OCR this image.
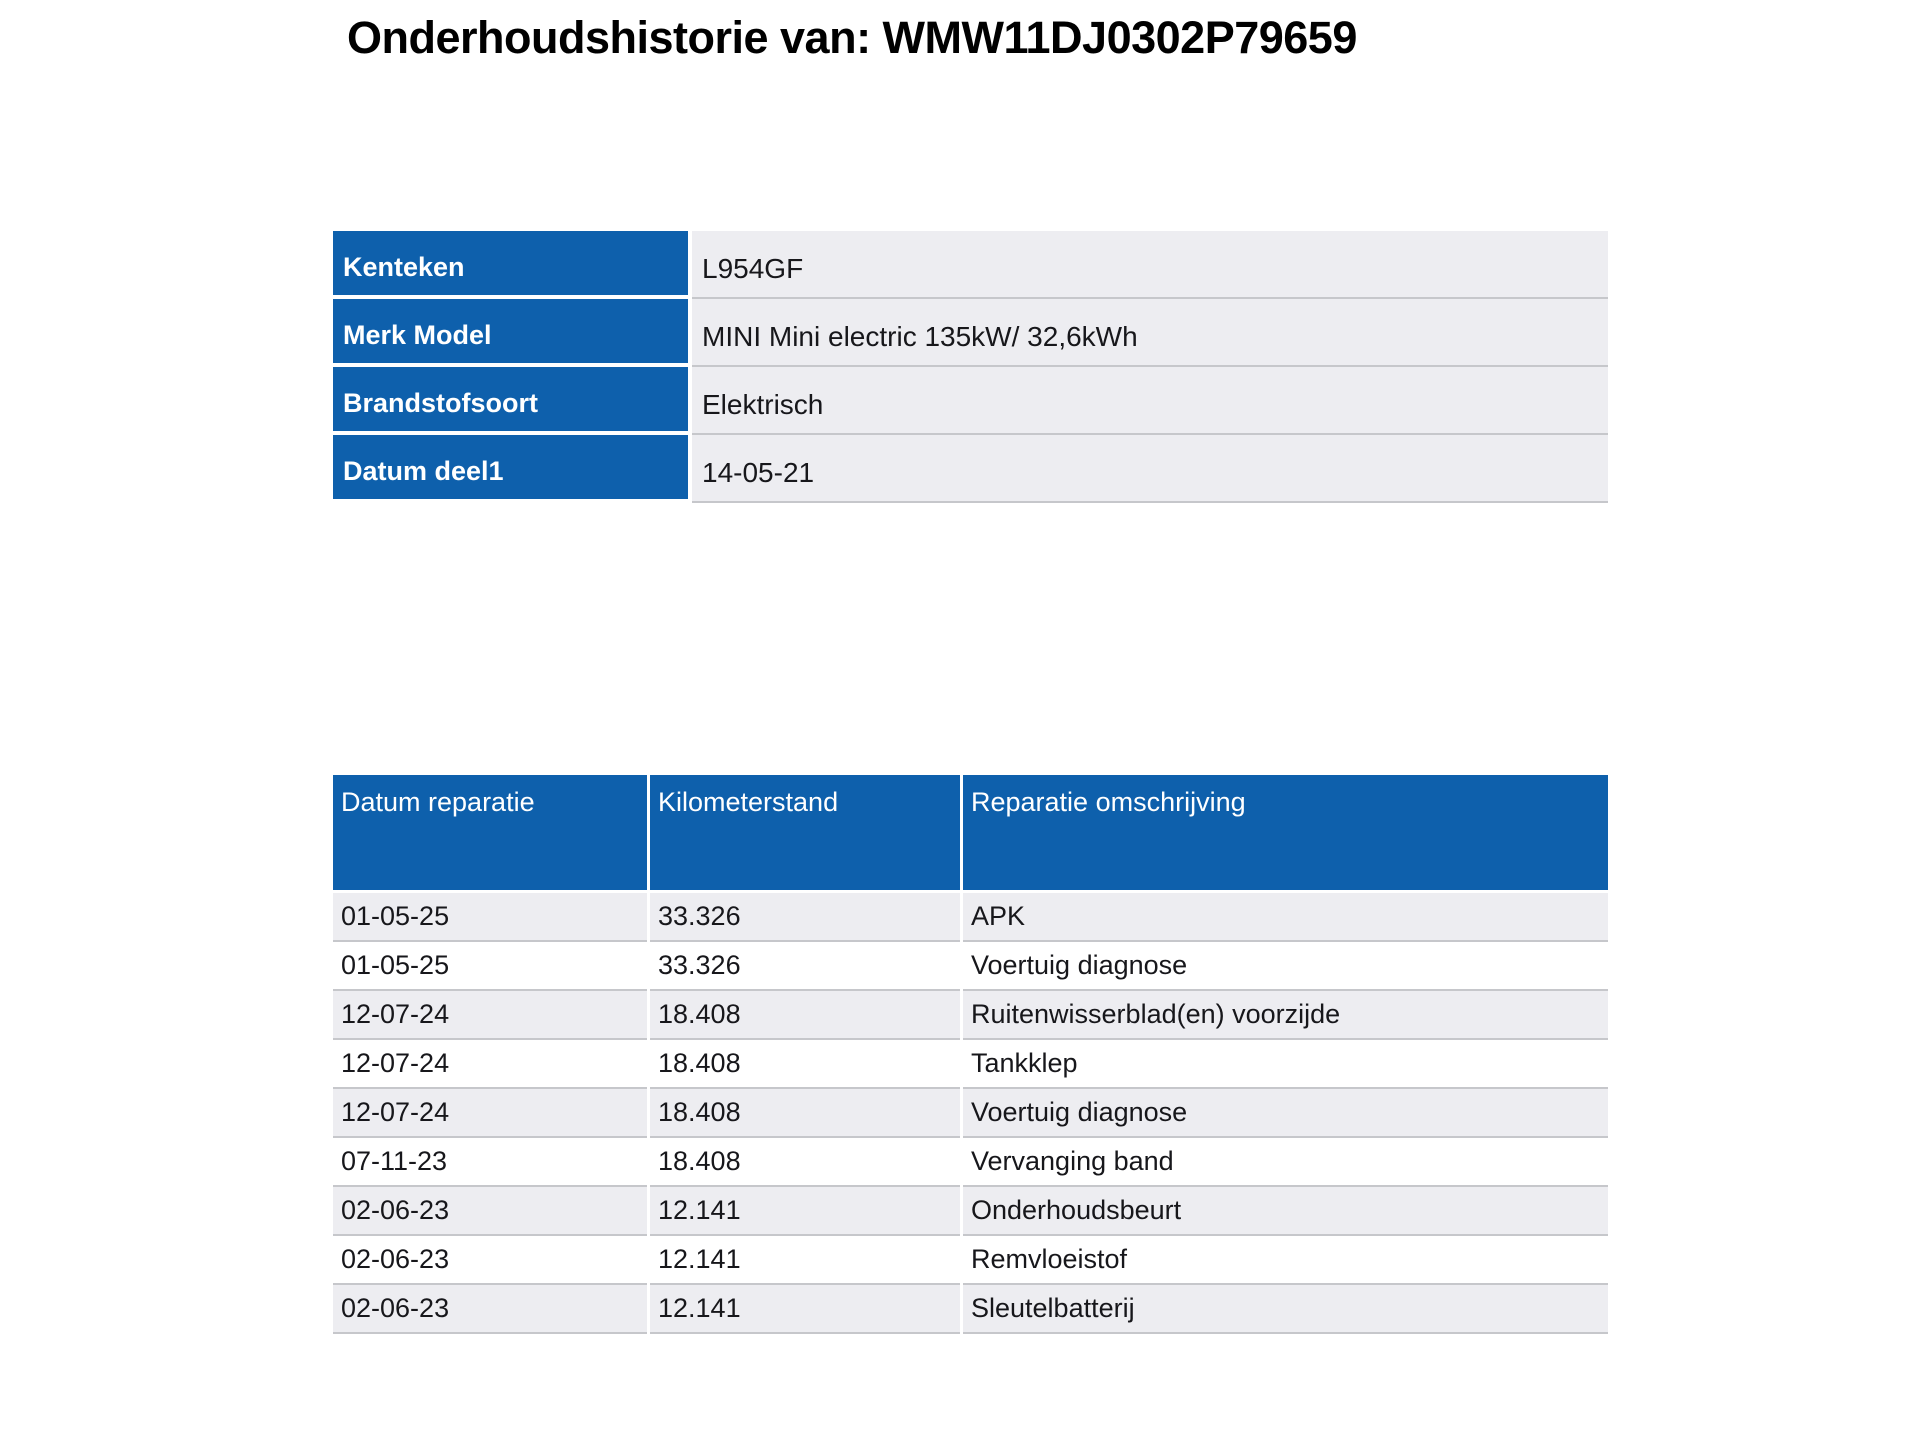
Onderhoudshistorie van: WMW11DJ0302P79659
Kenteken	L954GF
Merk Model	MINI Mini electric 135kW/ 32,6kWh
Brandstofsoort	Elektrisch
Datum deel1	14-05-21
Datum reparatie	Kilometerstand	Reparatie omschrijving
01-05-25	33.326	APK
01-05-25	33.326	Voertuig diagnose
12-07-24	18.408	Ruitenwisserblad(en) voorzijde
12-07-24	18.408	Tankklep
12-07-24	18.408	Voertuig diagnose
07-11-23	18.408	Vervanging band
02-06-23	12.141	Onderhoudsbeurt
02-06-23	12.141	Remvloeistof
02-06-23	12.141	Sleutelbatterij
